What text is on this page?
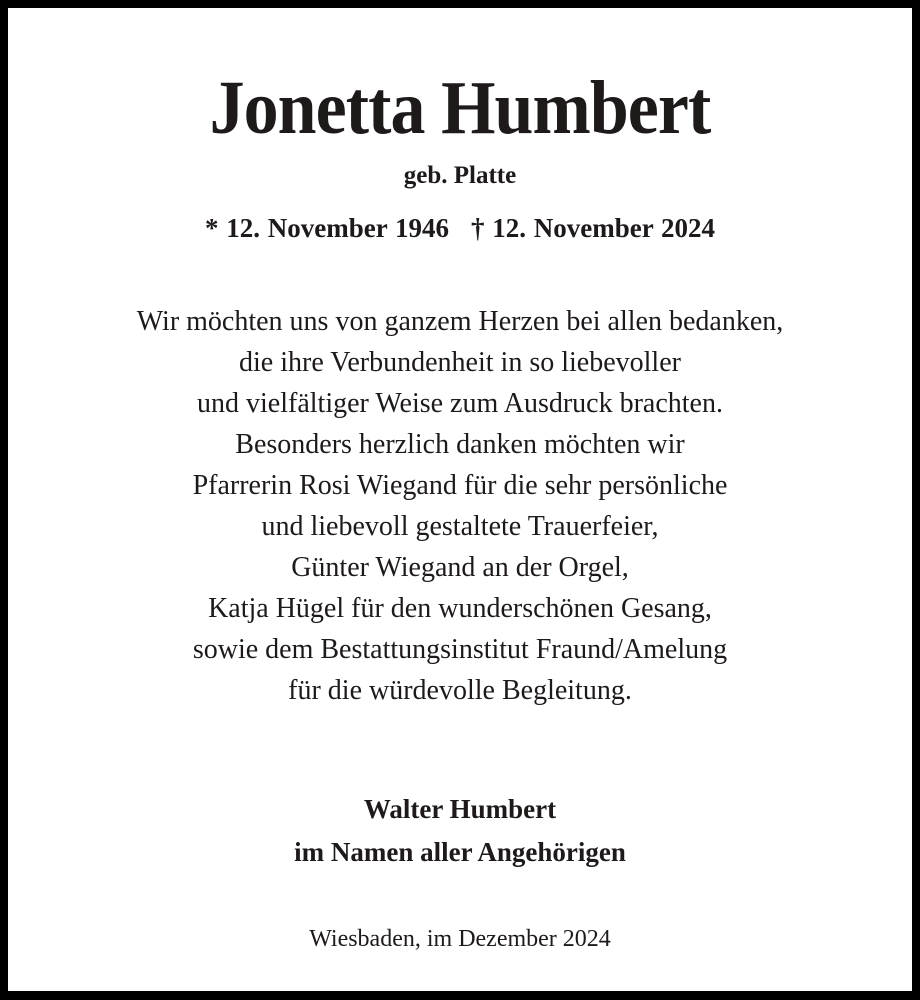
Jonetta Humbert
geb. Platte
* 12. November 1946 † 12. November 2024
Wir möchten uns von ganzem Herzen bei allen bedanken,
die ihre Verbundenheit in so liebevoller
und vielfältiger Weise zum Ausdruck brachten.
Besonders herzlich danken möchten wir
Pfarrerin Rosi Wiegand für die sehr persönliche
und liebevoll gestaltete Trauerfeier,
Günter Wiegand an der Orgel,
Katja Hügel für den wunderschönen Gesang,
sowie dem Bestattungsinstitut Fraund/Amelung
für die würdevolle Begleitung.
Walter Humbert
im Namen aller Angehörigen
Wiesbaden, im Dezember 2024
